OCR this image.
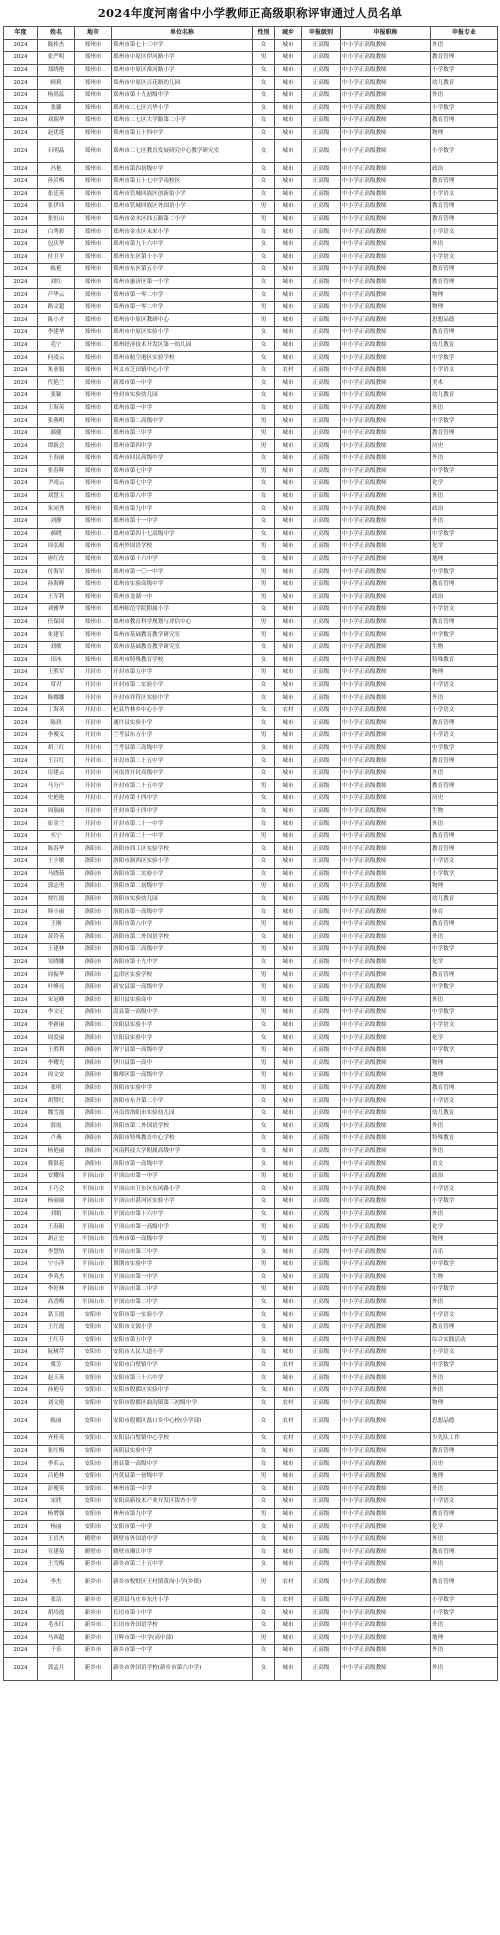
2024年度河南省中小学教师正高级职称评审通过人员名单
年度	姓名	地市	单位名称	性别	城乡	申报级别	申报职称	申报专业
2024	陈桂杰	郑州市	郑州市第七十三中学	女	城市	正高级	中小学正高级教师	外语
2024	张严明	郑州市	郑州市中原区伊河路小学	男	城市	正高级	中小学正高级教师	教育管理
2024	郑晓艳	郑州市	郑州市中原区淮河路小学	女	城市	正高级	中小学正高级教师	小学数学
2024	顾莉	郑州市	郑州市中原区百花路幼儿园	女	城市	正高级	中小学正高级教师	幼儿教育
2024	杨尚蕊	郑州市	郑州市第十九初级中学	女	城市	正高级	中小学正高级教师	外语
2024	张璐	郑州市	郑州市二七区兴华小学	女	城市	正高级	中小学正高级教师	小学数学
2024	刘瑞华	郑州市	郑州市二七区大学路第二小学	女	城市	正高级	中小学正高级教师	教育管理
2024	赵优莲	郑州市	郑州市第五十四中学	女	城市	正高级	中小学正高级教师	物理
2024	石明晶	郑州市	郑州市二七区教育发展研究中心教学研究室	女	城市	正高级	中小学正高级教师	小学数学
2024	冯艳	郑州市	郑州市第四初级中学	女	城市	正高级	中小学正高级教师	政治
2024	孙岩梅	郑州市	郑州市第五十七中学南校区	女	城市	正高级	中小学正高级教师	教育管理
2024	张廷英	郑州市	郑州市管城回族区创新街小学	女	城市	正高级	中小学正高级教师	小学语文
2024	张伊玮	郑州市	郑州市管城回族区外国语小学	男	城市	正高级	中小学正高级教师	教育管理
2024	张恒山	郑州市	郑州市金水区纬五路第二小学	男	城市	正高级	中小学正高级教师	教育管理
2024	白秀彩	郑州市	郑州市金水区未来小学	女	城市	正高级	中小学正高级教师	小学语文
2024	包庆华	郑州市	郑州市第九十六中学	女	城市	正高级	中小学正高级教师	外语
2024	付卫平	郑州市	郑州市东区第十小学	女	城市	正高级	中小学正高级教师	小学语文
2024	陈艳	郑州市	郑州市东区第五小学	女	城市	正高级	中小学正高级教师	教育管理
2024	刘红	郑州市	郑州市惠济区第一小学	女	城市	正高级	中小学正高级教师	教育管理
2024	芦华云	郑州市	郑州市第一零二中学	女	城市	正高级	中小学正高级教师	物理
2024	路文超	郑州市	郑州市第一零二中学	男	城市	正高级	中小学正高级教师	物理
2024	陈小才	郑州市	郑州市中原区教研中心	男	城市	正高级	中小学正高级教师	思想品德
2024	李建华	郑州市	郑州市中原区实验小学	女	城市	正高级	中小学正高级教师	教育管理
2024	毛宁	郑州市	郑州经济技术开发区第一幼儿园	女	城市	正高级	中小学正高级教师	幼儿教育
2024	何凌云	郑州市	郑州市航空港区实验学校	女	城市	正高级	中小学正高级教师	中学数学
2024	朱亚娟	郑州市	巩义市芝田镇中心小学	女	农村	正高级	中小学正高级教师	小学语文
2024	代艳兰	郑州市	新郑市第一中学	女	城市	正高级	中小学正高级教师	美术
2024	张颖	郑州市	登封市实验幼儿园	女	城市	正高级	中小学正高级教师	幼儿教育
2024	王海英	郑州市	郑州市第一中学	女	城市	正高级	中小学正高级教师	外语
2024	张燕明	郑州市	郑州市第二高级中学	男	城市	正高级	中小学正高级教师	中学数学
2024	郝健	郑州市	郑州市第三中学	男	城市	正高级	中小学正高级教师	教育管理
2024	谭新会	郑州市	郑州市第四中学	男	城市	正高级	中小学正高级教师	历史
2024	王春丽	郑州市	郑州市回民高级中学	女	城市	正高级	中小学正高级教师	外语
2024	张春辉	郑州市	郑州市第七中学	男	城市	正高级	中小学正高级教师	中学数学
2024	尹靖云	郑州市	郑州市第七中学	女	城市	正高级	中小学正高级教师	化学
2024	刘慧玉	郑州市	郑州市第八中学	女	城市	正高级	中小学正高级教师	外语
2024	朱同秀	郑州市	郑州市第九中学	女	城市	正高级	中小学正高级教师	政治
2024	刘静	郑州市	郑州市第十一中学	女	城市	正高级	中小学正高级教师	外语
2024	郝晓	郑州市	郑州市第四十七高级中学	女	城市	正高级	中小学正高级教师	中学数学
2024	周弘根	郑州市	郑州外国语学校	男	城市	正高级	中小学正高级教师	化学
2024	唐红玫	郑州市	郑州市第十六中学	女	城市	正高级	中小学正高级教师	地理
2024	付海军	郑州市	郑州市第一〇一中学	男	城市	正高级	中小学正高级教师	中学数学
2024	孙海峰	郑州市	郑州市实验高级中学	男	城市	正高级	中小学正高级教师	教育管理
2024	王军利	郑州市	郑州市龙湖一中	男	城市	正高级	中小学正高级教师	政治
2024	刘雅华	郑州市	郑州师范学院附属小学	女	城市	正高级	中小学正高级教师	小学语文
2024	任保国	郑州市	郑州市教育科学规划与评估中心	男	城市	正高级	中小学正高级教师	教育管理
2024	朱建军	郑州市	郑州市基础教育教学研究室	男	城市	正高级	中小学正高级教师	中学数学
2024	刘敏	郑州市	郑州市基础教育教学研究室	女	城市	正高级	中小学正高级教师	生物
2024	田冰	郑州市	郑州市特殊教育学校	女	城市	正高级	中小学正高级教师	特殊教育
2024	王胜军	开封市	开封市第五中学	男	城市	正高级	中小学正高级教师	物理
2024	常君	开封市	开封市第二实验小学	女	城市	正高级	中小学正高级教师	小学语文
2024	陈娜娜	开封市	开封市祥符区实验中学	女	城市	正高级	中小学正高级教师	外语
2024	丁海英	开封市	杞县竹林乡中心小学	女	农村	正高级	中小学正高级教师	小学语文
2024	陈润	开封市	通许县实验小学	女	城市	正高级	中小学正高级教师	教育管理
2024	李俊义	开封市	兰考县东方小学	男	城市	正高级	中小学正高级教师	小学语文
2024	胡三红	开封市	兰考县第三高级中学	女	城市	正高级	中小学正高级教师	中学数学
2024	王百红	开封市	开封市第二十五中学	女	城市	正高级	中小学正高级教师	教育管理
2024	房建云	开封市	河南省开封高级中学	女	城市	正高级	中小学正高级教师	外语
2024	马分产	开封市	开封市第二十五中学	男	城市	正高级	中小学正高级教师	教育管理
2024	史艳艳	开封市	开封市第十四中学	女	城市	正高级	中小学正高级教师	历史
2024	周瑞丽	开封市	开封市第十四中学	女	城市	正高级	中小学正高级教师	生物
2024	崔金兰	开封市	开封市第二十一中学	女	城市	正高级	中小学正高级教师	外语
2024	买宁	开封市	开封市第二十一中学	男	城市	正高级	中小学正高级教师	教育管理
2024	陈春华	洛阳市	洛阳市西工区实验学校	女	城市	正高级	中小学正高级教师	教育管理
2024	王小敏	洛阳市	洛阳市涧西区实验小学	女	城市	正高级	中小学正高级教师	小学语文
2024	马晓茹	洛阳市	洛阳市第二实验小学	女	城市	正高级	中小学正高级教师	小学数学
2024	郭志勇	洛阳市	洛阳市第二初级中学	男	城市	正高级	中小学正高级教师	物理
2024	贾红霞	洛阳市	洛阳市实验幼儿园	女	城市	正高级	中小学正高级教师	幼儿教育
2024	韩小丽	洛阳市	洛阳市第一高级中学	女	城市	正高级	中小学正高级教师	体育
2024	王刚	洛阳市	洛阳市第八中学	男	城市	正高级	中小学正高级教师	教育管理
2024	黄铃英	洛阳市	洛阳市第二外国语学校	女	城市	正高级	中小学正高级教师	外语
2024	王建林	洛阳市	洛阳市第三高级中学	男	城市	正高级	中小学正高级教师	中学数学
2024	吴晓娜	洛阳市	洛阳市第十九中学	女	城市	正高级	中小学正高级教师	化学
2024	周振华	洛阳市	孟津区实验学校	男	城市	正高级	中小学正高级教师	教育管理
2024	叶峰亮	洛阳市	新安县第一高级中学	男	城市	正高级	中小学正高级教师	中学数学
2024	宋冠峰	洛阳市	栾川县实验高中	男	城市	正高级	中小学正高级教师	外语
2024	李文正	洛阳市	嵩县第一高级中学	男	城市	正高级	中小学正高级教师	中学数学
2024	李新丽	洛阳市	汝阳县实验小学	女	城市	正高级	中小学正高级教师	小学语文
2024	周爱丽	洛阳市	宜阳县实验中学	女	城市	正高级	中小学正高级教师	化学
2024	王胜利	洛阳市	洛宁县第一高级中学	男	城市	正高级	中小学正高级教师	中学数学
2024	李耀光	洛阳市	伊川县第一高中	男	城市	正高级	中小学正高级教师	物理
2024	周文安	洛阳市	偃师区第一高级中学	男	城市	正高级	中小学正高级教师	地理
2024	张明	洛阳市	洛阳市实验中学	男	城市	正高级	中小学正高级教师	教育管理
2024	胡赞红	洛阳市	洛阳市东升第二小学	女	城市	正高级	中小学正高级教师	小学语文
2024	魏雪霞	洛阳市	河南省洛阳市实验幼儿园	女	城市	正高级	中小学正高级教师	幼儿教育
2024	薛霞	洛阳市	洛阳市第二外国语学校	女	城市	正高级	中小学正高级教师	外语
2024	卢燕	洛阳市	洛阳市特殊教育中心学校	女	城市	正高级	中小学正高级教师	特殊教育
2024	杨艳丽	洛阳市	河南科技大学附属高级中学	女	城市	正高级	中小学正高级教师	外语
2024	冀银花	洛阳市	洛阳市第一高级中学	女	城市	正高级	中小学正高级教师	语文
2024	安耀伟	平顶山市	平顶山市第一中学	男	城市	正高级	中小学正高级教师	政治
2024	王巧会	平顶山市	平顶山市卫东区东风路小学	女	城市	正高级	中小学正高级教师	小学语文
2024	杨丽丽	平顶山市	平顶山市湛河区实验小学	女	城市	正高级	中小学正高级教师	小学数学
2024	刘娟	平顶山市	平顶山市第十六中学	女	城市	正高级	中小学正高级教师	外语
2024	王春阳	平顶山市	平顶山市第一高级中学	男	城市	正高级	中小学正高级教师	化学
2024	胡正宏	平顶山市	汝州市第一高级中学	男	城市	正高级	中小学正高级教师	物理
2024	李慧怡	平顶山市	平顶山市第三中学	女	城市	正高级	中小学正高级教师	音乐
2024	宁小洋	平顶山市	舞钢市实验中学	男	城市	正高级	中小学正高级教师	中学数学
2024	李英杰	平顶山市	平顶山市第一中学	女	城市	正高级	中小学正高级教师	生物
2024	李好林	平顶山市	平顶山市第二中学	男	城市	正高级	中小学正高级教师	中学数学
2024	高香梅	平顶山市	平顶山市第二中学	女	城市	正高级	中小学正高级教师	外语
2024	葛玉霞	安阳市	安阳市第一实验小学	女	城市	正高级	中小学正高级教师	小学语文
2024	王红霞	安阳市	安阳市文源小学	女	城市	正高级	中小学正高级教师	教育管理
2024	王红芬	安阳市	安阳市第五中学	女	城市	正高级	中小学正高级教师	综合实践活动
2024	阮树芹	安阳市	安阳市人民大道小学	女	城市	正高级	中小学正高级教师	小学语文
2024	冀芳	安阳市	安阳市白壁镇中学	女	农村	正高级	中小学正高级教师	中学数学
2024	赵玉英	安阳市	安阳市第三十六中学	女	城市	正高级	中小学正高级教师	外语
2024	孙艳芬	安阳市	安阳市殷都区实验中学	女	城市	正高级	中小学正高级教师	外语
2024	刘文艳	安阳市	安阳市殷都区曲沟镇第三初级中学	女	农村	正高级	中小学正高级教师	物理
2024	陈丽	安阳市	安阳市殷都区磊口乡中心校(小学部)	女	农村	正高级	中小学正高级教师	思想品德
2024	齐桂英	安阳市	安阳县白璧镇中心学校	女	农村	正高级	中小学正高级教师	少先队工作
2024	张红梅	安阳市	汤阴县实验中学	女	城市	正高级	中小学正高级教师	教育管理
2024	李若云	安阳市	滑县第一高级中学	女	城市	正高级	中小学正高级教师	历史
2024	吕艳林	安阳市	内黄县第一初级中学	男	城市	正高级	中小学正高级教师	地理
2024	彭俊英	安阳市	林州市第一中学	女	城市	正高级	中小学正高级教师	外语
2024	宋欣	安阳市	安阳高新技术产业开发区银杏小学	女	城市	正高级	中小学正高级教师	小学语文
2024	杨增强	安阳市	林州市第九中学	男	城市	正高级	中小学正高级教师	教育管理
2024	杨丽	安阳市	安阳市第一中学	女	城市	正高级	中小学正高级教师	化学
2024	王岩杰	鹤壁市	鹤壁市外国语中学	女	城市	正高级	中小学正高级教师	外语
2024	宣建菊	鹤壁市	鹤壁市湘江中学	女	城市	正高级	中小学正高级教师	教育管理
2024	王雪梅	新乡市	新乡市第二十五中学	女	城市	正高级	中小学正高级教师	外语
2024	李杰	新乡市	新乡市牧野区王村镇黄岗小学(乡镇)	男	农村	正高级	中小学正高级教师	教育管理
2024	张洁	新乡市	延津县马庄乡东庄小学	女	农村	正高级	中小学正高级教师	小学数学
2024	胡玲霞	新乡市	长垣市第十中学	女	城市	正高级	中小学正高级教师	小学数学
2024	毛永红	新乡市	长垣市外国语学校	女	城市	正高级	中小学正高级教师	外语
2024	马西超	新乡市	卫辉市第一中学(高中部)	男	城市	正高级	中小学正高级教师	地理
2024	于乐	新乡市	新乡市第一中学	女	城市	正高级	中小学正高级教师	外语
2024	郭孟月	新乡市	新乡市外国语学校(新乡市第六中学)	女	城市	正高级	中小学正高级教师	外语
